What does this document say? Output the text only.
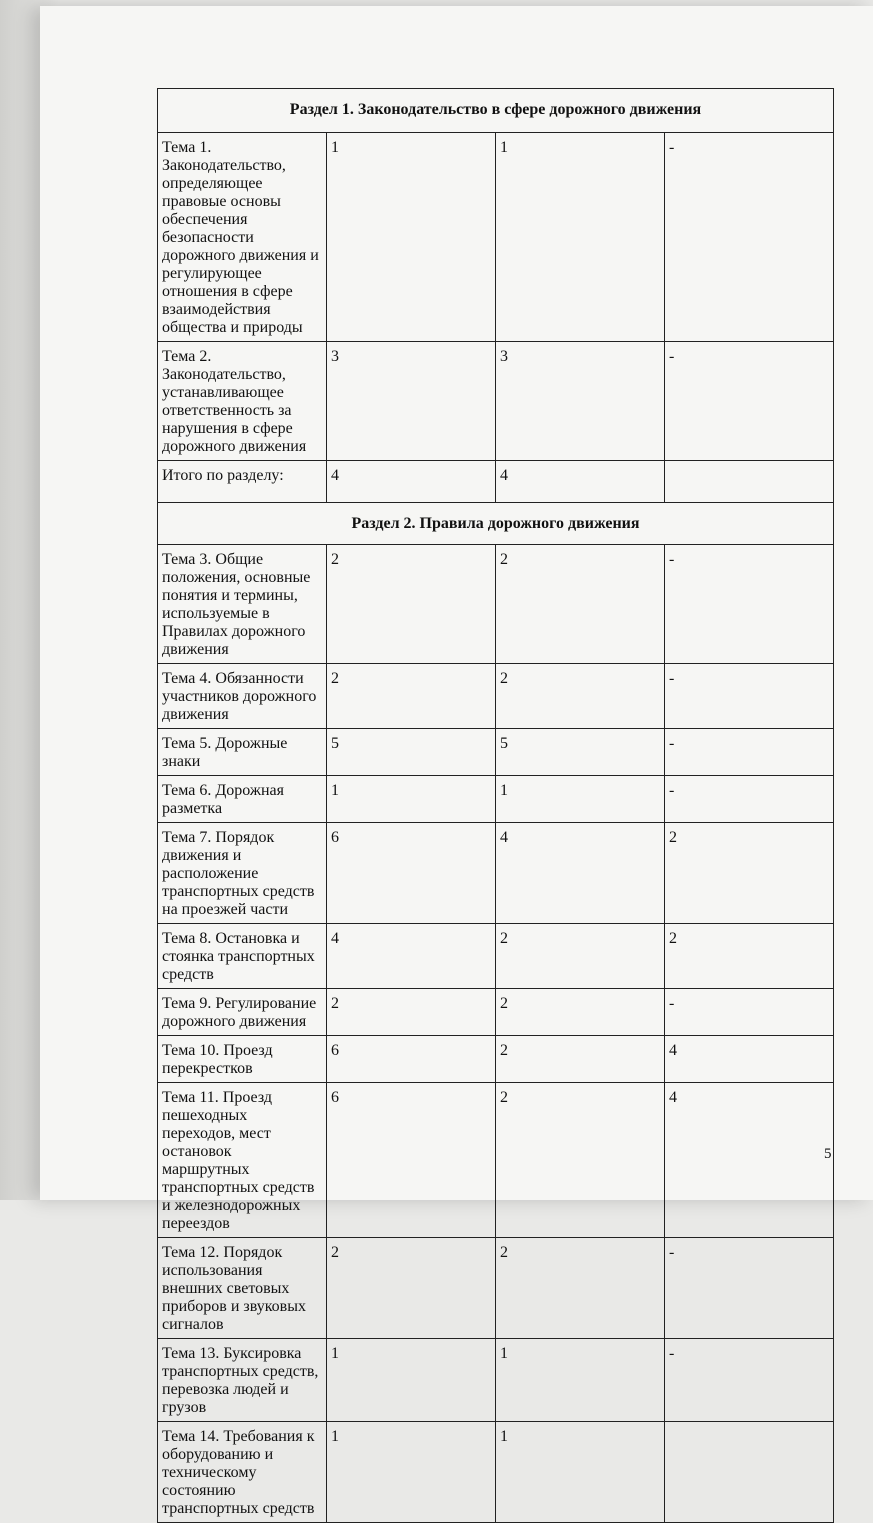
Раздел 1. Законодательство в сфере дорожного движения			
Тема 1. Законодательство, определяющее правовые основы обеспечения безопасности дорожного движения и регулирующее отношения в сфере взаимодействия общества и природы	1	1	-
Тема 2. Законодательство, устанавливающее ответственность за нарушения в сфере дорожного движения	3	3	-
Итого по разделу:	4	4	
Раздел 2. Правила дорожного движения			
Тема 3. Общие положения, основные понятия и термины, используемые в Правилах дорожного движения	2	2	-
Тема 4. Обязанности участников дорожного движения	2	2	-
Тема 5. Дорожные знаки	5	5	-
Тема 6. Дорожная разметка	1	1	-
Тема 7. Порядок движения и расположение транспортных средств на проезжей части	6	4	2
Тема 8. Остановка и стоянка транспортных средств	4	2	2
Тема 9. Регулирование дорожного движения	2	2	-
Тема 10. Проезд перекрестков	6	2	4
Тема 11. Проезд пешеходных переходов, мест остановок маршрутных транспортных средств и железнодорожных переездов	6	2	4
Тема 12. Порядок использования внешних световых приборов и звуковых сигналов	2	2	-
Тема 13. Буксировка транспортных средств, перевозка людей и грузов	1	1	-
Тема 14. Требования к оборудованию и техническому состоянию транспортных средств	1	1	
5
